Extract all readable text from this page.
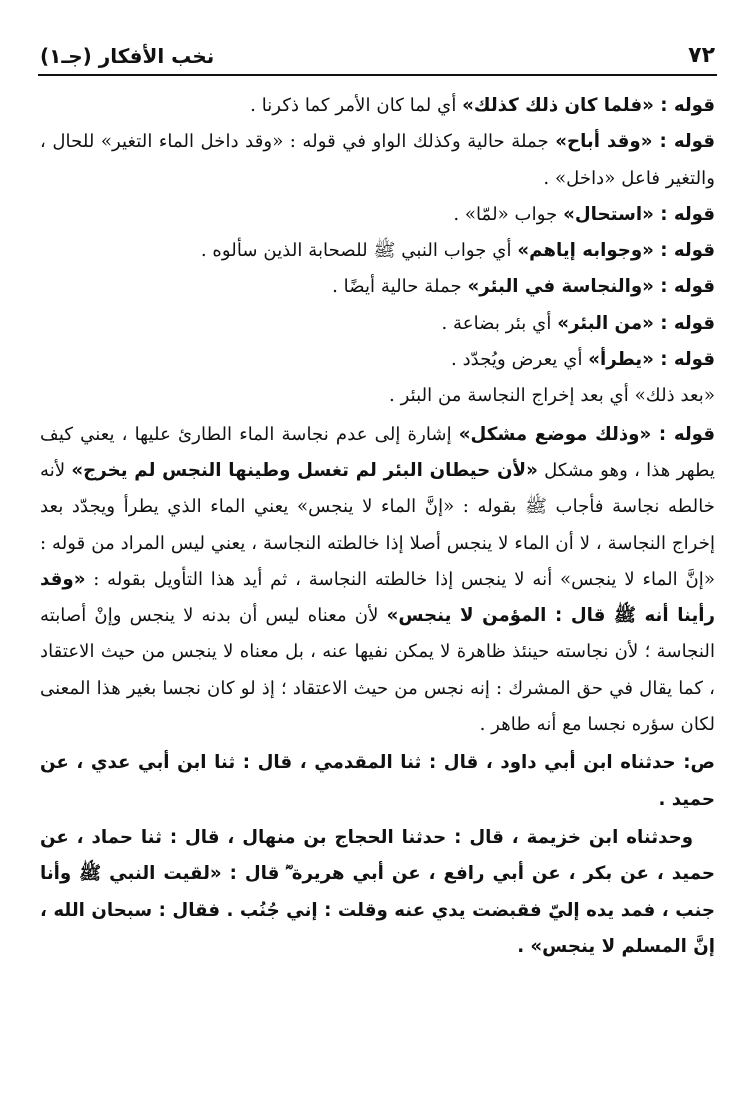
نخب الأفكار (جـ١)	٧٢

قوله : «فلما كان ذلك كذلك» أي لما كان الأمر كما ذكرنا .

قوله : «وقد أباح» جملة حالية وكذلك الواو في قوله : «وقد داخل الماء التغير» للحال ، والتغير فاعل «داخل» .

قوله : «استحال» جواب «لمّا» .

قوله : «وجوابه إياهم» أي جواب النبي ﷺ للصحابة الذين سألوه .

قوله : «والنجاسة في البئر» جملة حالية أيضًا .

قوله : «من البئر» أي بئر بضاعة .

قوله : «يطرأ» أي يعرض ويُجدّد .

«بعد ذلك» أي بعد إخراج النجاسة من البئر .

قوله : «وذلك موضع مشكل» إشارة إلى عدم نجاسة الماء الطارئ عليها ، يعني كيف يطهر هذا ، وهو مشكل «لأن حيطان البئر لم تغسل وطينها النجس لم يخرج» لأنه خالطه نجاسة فأجاب ﷺ بقوله : «إنَّ الماء لا ينجس» يعني الماء الذي يطرأ ويجدّد بعد إخراج النجاسة ، لا أن الماء لا ينجس أصلا إذا خالطته النجاسة ، يعني ليس المراد من قوله : «إنَّ الماء لا ينجس» أنه لا ينجس إذا خالطته النجاسة ، ثم أيد هذا التأويل بقوله : «وقد رأينا أنه ﷺ قال : المؤمن لا ينجس» لأن معناه ليس أن بدنه لا ينجس وإنْ أصابته النجاسة ؛ لأن نجاسته حينئذ ظاهرة لا يمكن نفيها عنه ، بل معناه لا ينجس من حيث الاعتقاد ، كما يقال في حق المشرك : إنه نجس من حيث الاعتقاد ؛ إذ لو كان نجسا بغير هذا المعنى لكان سؤره نجسا مع أنه طاهر .

ص: حدثناه ابن أبي داود ، قال : ثنا المقدمي ، قال : ثنا ابن أبي عدي ، عن حميد .

وحدثناه ابن خزيمة ، قال : حدثنا الحجاج بن منهال ، قال : ثنا حماد ، عن حميد ، عن بكر ، عن أبي رافع ، عن أبي هريرة ؓ قال : «لقيت النبي ﷺ وأنا جنب ، فمد يده إليّ فقبضت يدي عنه وقلت : إني جُنُب . فقال : سبحان الله ، إنَّ المسلم لا ينجس» .
